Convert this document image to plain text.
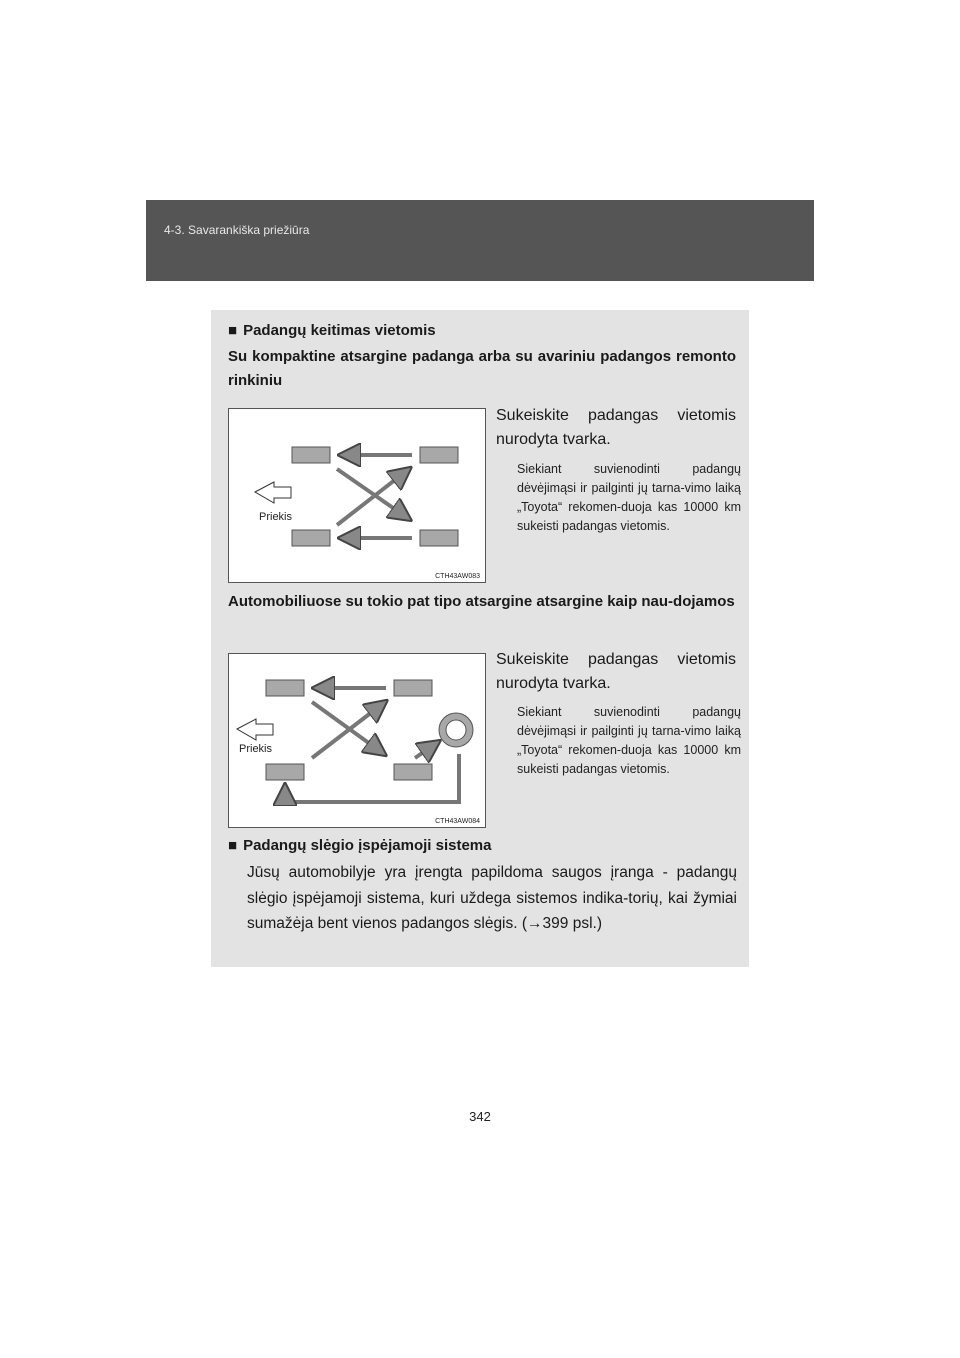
4-3. Savarankiška priežiūra
■ Padangų keitimas vietomis
Su kompaktine atsargine padanga arba su avariniu padangos remonto rinkiniu
Priekis
CTH43AW083
Sukeiskite padangas vietomis nurodyta tvarka.
Siekiant suvienodinti padangų dėvėjimąsi ir pailginti jų tarna-vimo laiką „Toyota“ rekomen-duoja kas 10000 km sukeisti padangas vietomis.
Automobiliuose su tokio pat tipo atsargine atsargine kaip nau-dojamos
Priekis
CTH43AW084
Sukeiskite padangas vietomis nurodyta tvarka.
Siekiant suvienodinti padangų dėvėjimąsi ir pailginti jų tarna-vimo laiką „Toyota“ rekomen-duoja kas 10000 km sukeisti padangas vietomis.
■ Padangų slėgio įspėjamoji sistema
Jūsų automobilyje yra įrengta papildoma saugos įranga - padangų slėgio įspėjamoji sistema, kuri uždega sistemos indika-torių, kai žymiai sumažėja bent vienos padangos slėgis. (→399 psl.)
342
